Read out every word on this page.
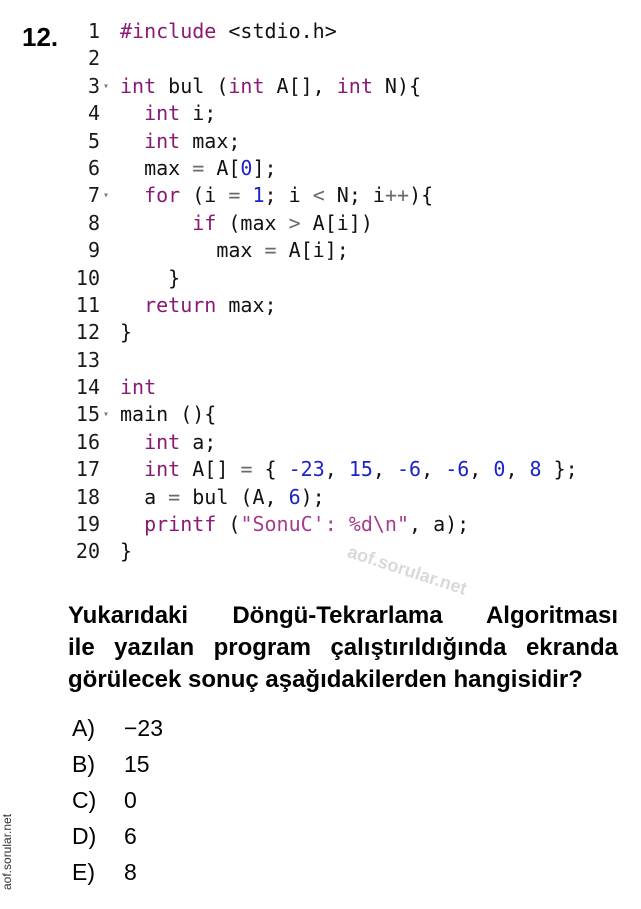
12.	1 #include <stdio.h>
2
3 ▾ int bul (int A[], int N){
4	int i;
5	int max;
6 max = A[0];
7 ▾	for (i = 1; i < N; i++){
8	if (max > A[i])
9 max = A[i];
10 }
11	return max;
12 }
13
14 int
15 ▾ main (){
16	int a;
17	int A[] = { -23, 15, -6, -6, 0, 8 };
18 a = bul (A, 6);
19	printf ("SonuC': %d\n", a);
20 }	aof.sorular.net
Yukarıdaki Döngü-Tekrarlama Algoritması
ile yazılan program çalıştırıldığında ekranda
görülecek sonuç aşağıdakilerden hangisidir?
A) −23
B) 15
C) 0
D) 6
E) 8
aof.sorular.net
